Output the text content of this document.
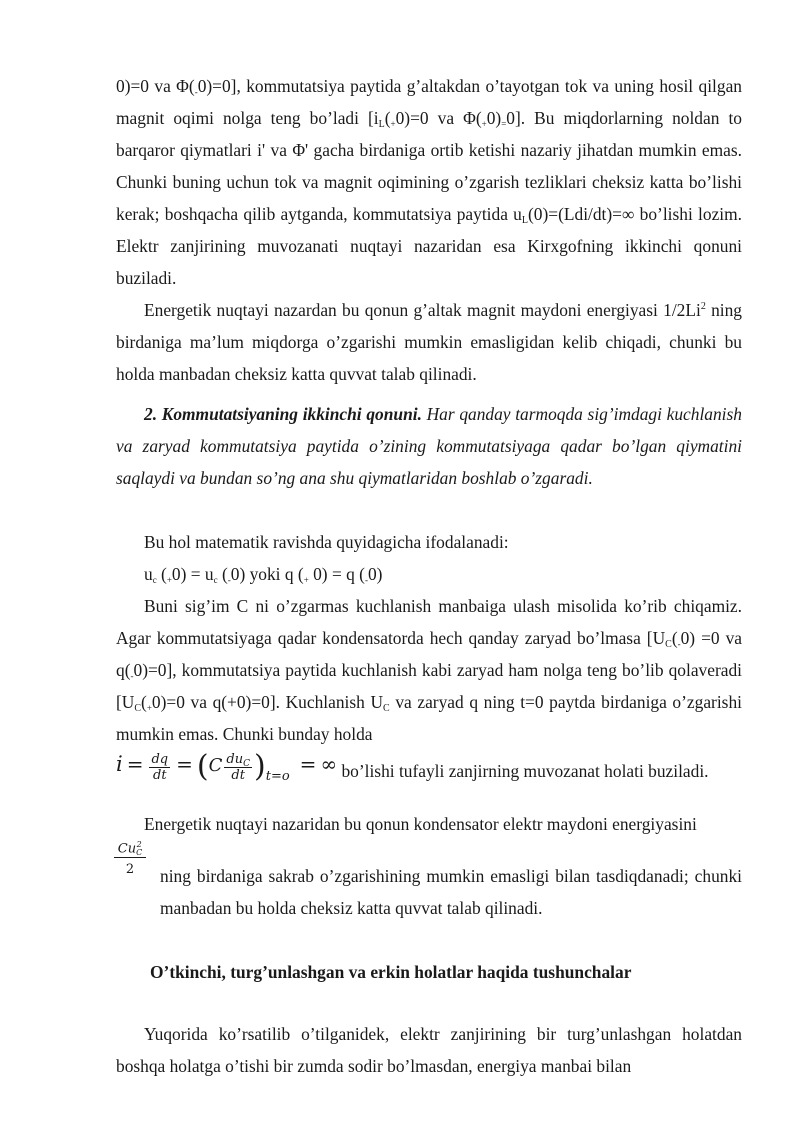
0)=0 va Φ(-0)=0], kommutatsiya paytida g’altakdan o’tayotgan tok va uning hosil qilgan magnit oqimi nolga teng bo’ladi [$i_L(+0)=0$ va Φ(+0)=0]. Bu miqdorlarning noldan to barqaror qiymatlari i' va Φ' gacha birdaniga ortib ketishi nazariy jihatdan mumkin emas. Chunki buning uchun tok va magnit oqimining o’zgarish tezliklari cheksiz katta bo’lishi kerak; boshqacha qilib aytganda, kommutatsiya paytida $u_L(0)=(Ldi/dt)=\infty$ bo’lishi lozim. Elektr zanjirining muvozanati nuqtayi nazaridan esa Kirxgofning ikkinchi qonuni buziladi.

Energetik nuqtayi nazardan bu qonun g’altak magnit maydoni energiyasi 1/2Li$^2$ ning birdaniga ma’lum miqdorga o’zgarishi mumkin emasligidan kelib chiqadi, chunki bu holda manbadan cheksiz katta quvvat talab qilinadi.

2. Kommutatsiyaning ikkinchi qonuni. Har qanday tarmoqda sig’imdagi kuchlanish va zaryad kommutatsiya paytida o’zining kommutatsiyaga qadar bo’lgan qiymatini saqlaydi va bundan so’ng ana shu qiymatlaridan boshlab o’zgaradi.

Bu hol matematik ravishda quyidagicha ifodalanadi:

uc (+0) = uc (-0) yoki q (+ 0) = q (-0)

Buni sig’im C ni o’zgarmas kuchlanish manbaiga ulash misolida ko’rib chiqamiz. Agar kommutatsiyaga qadar kondensatorda hech qanday zaryad bo’lmasa [$U_C(-0) =0$ va q(-0)=0], kommutatsiya paytida kuchlanish kabi zaryad ham nolga teng bo’lib qolaveradi [$U_C(+0)=0$ va q(+0)=0]. Kuchlanish $U_C$ va zaryad q ning t=0 paytda birdaniga o’zgarishi mumkin emas. Chunki bunday holda

$i = \frac{dq}{dt} = (C \frac{du_C}{dt} )_{t=o}=$ ∞ bo’lishi tufayli zanjirning muvozanat holati buziladi.

Energetik nuqtayi nazaridan bu qonun kondensator elektr maydoni energiyasini

Cu 2
C
2 ning birdaniga sakrab o’zgarishining mumkin emasligi bilan tasdiqdanadi; chunki manbadan bu holda cheksiz katta quvvat talab qilinadi.

O’tkinchi, turg’unlashgan va erkin holatlar haqida tushunchalar

Yuqorida ko’rsatilib o’tilganidek, elektr zanjirining bir turg’unlashgan holatdan boshqa holatga o’tishi bir zumda sodir bo’lmasdan, energiya manbai bilan
